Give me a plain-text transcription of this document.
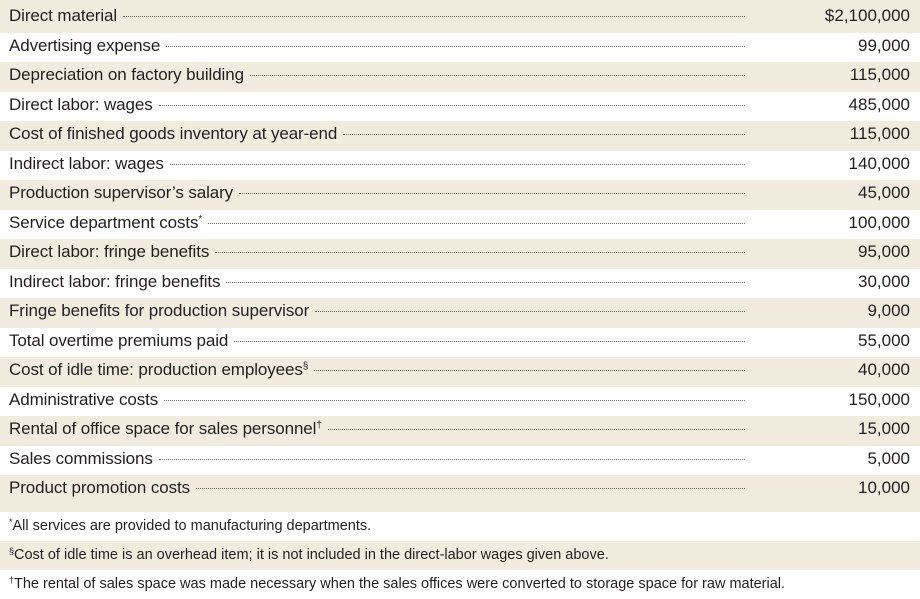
Direct material	$2,100,000
Advertising expense	99,000
Depreciation on factory building	115,000
Direct labor: wages	485,000
Cost of finished goods inventory at year-end	115,000
Indirect labor: wages	140,000
Production supervisor’s salary	45,000
Service department costs*	100,000
Direct labor: fringe benefits	95,000
Indirect labor: fringe benefits	30,000
Fringe benefits for production supervisor	9,000
Total overtime premiums paid	55,000
Cost of idle time: production employees§	40,000
Administrative costs	150,000
Rental of office space for sales personnel†	15,000
Sales commissions	5,000
Product promotion costs	10,000
*All services are provided to manufacturing departments.
§Cost of idle time is an overhead item; it is not included in the direct-labor wages given above.
†The rental of sales space was made necessary when the sales offices were converted to storage space for raw material.
